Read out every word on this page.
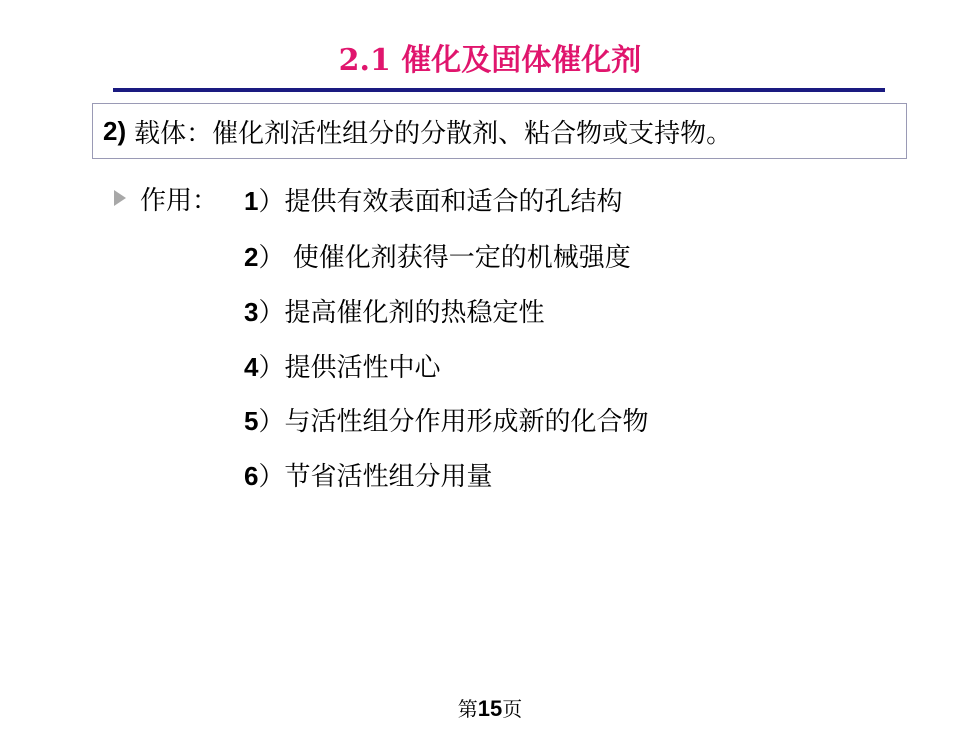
2.1 催化及固体催化剂
2) 载体：催化剂活性组分的分散剂、粘合物或支持物。
作用： 1）提供有效表面和适合的孔结构
2） 使催化剂获得一定的机械强度
3）提高催化剂的热稳定性
4）提供活性中心
5）与活性组分作用形成新的化合物
6）节省活性组分用量
第15页
